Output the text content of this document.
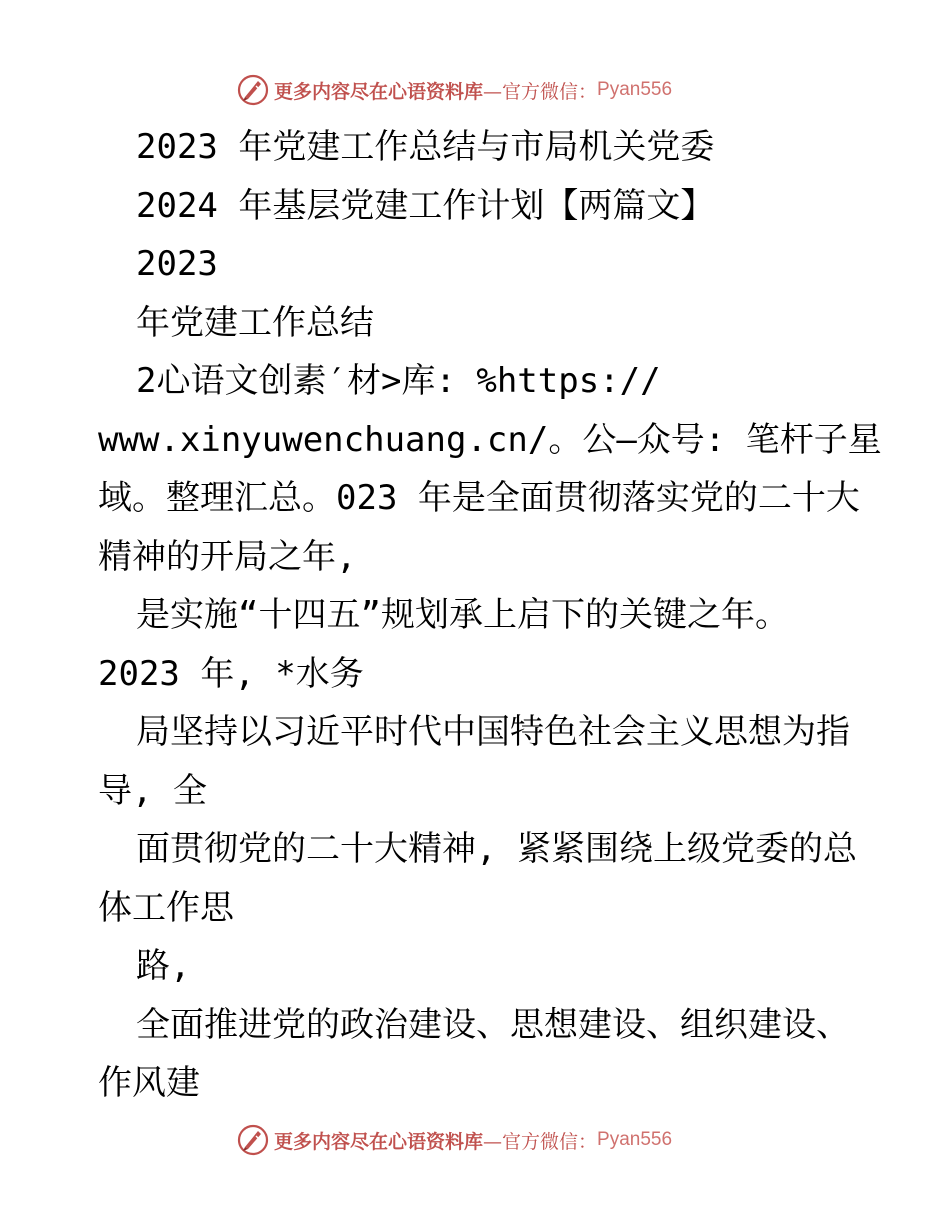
更多内容尽在心语资料库 —官方微信： Pyan556
2023 年党建工作总结与市局机关党委
2024 年基层党建工作计划【两篇文】
2023
年党建工作总结
2心语文创素′材>库: %https://
www.xinyuwenchuang.cn/。公—众号: 笔杆子星
域。整理汇总。023 年是全面贯彻落实党的二十大
精神的开局之年,
是实施“十四五”规划承上启下的关键之年。
2023 年, *水务
局坚持以习近平时代中国特色社会主义思想为指
导, 全
面贯彻党的二十大精神, 紧紧围绕上级党委的总
体工作思
路,
全面推进党的政治建设、思想建设、组织建设、
作风建
更多内容尽在心语资料库 —官方微信： Pyan556
